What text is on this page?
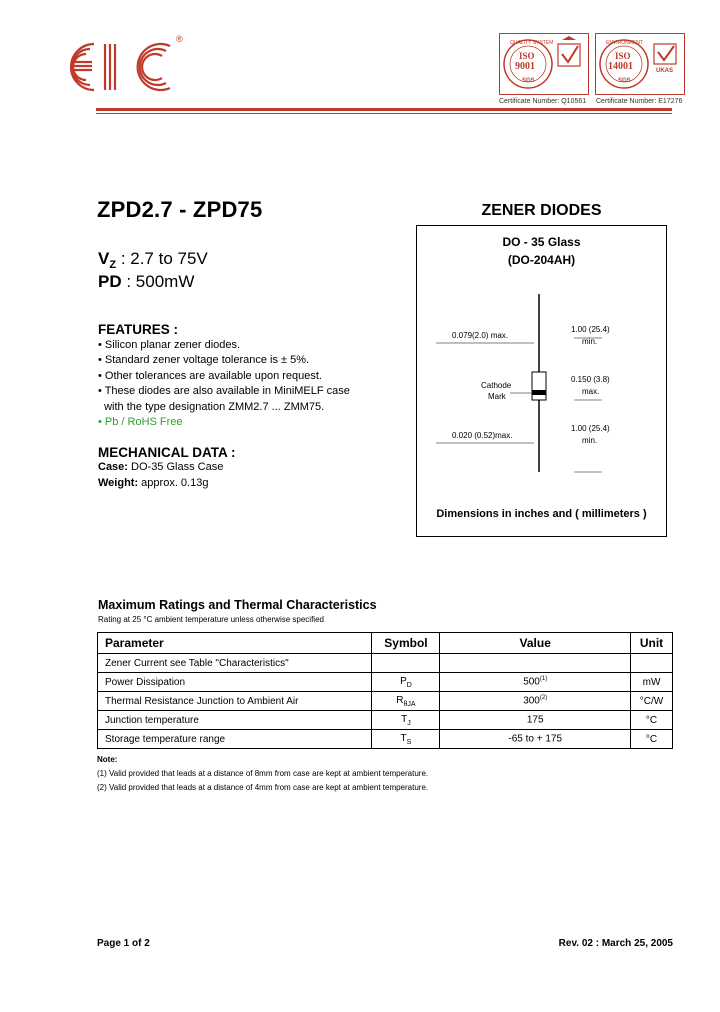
®	QUALITY SYSTEM
ISO
9001
SGS
ENVIRONMENT
ISO
14001
SGS
UKAS
Certificate Number: Q10561 Certificate Number: E17276
ZPD2.7 - ZPD75
$V_Z$ : 2.7 to 75V
PD : 500mW
FEATURES :
• Silicon planar zener diodes.
• Standard zener voltage tolerance is ± 5%.
• Other tolerances are available upon request.
• These diodes are also available in MiniMELF case
with the type designation ZMM2.7 ... ZMM75.
• Pb / RoHS Free
MECHANICAL DATA :
Case: DO-35 Glass Case
Weight: approx. 0.13g
ZENER DIODES
DO - 35 Glass
(DO-204AH)
0.079(2.0) max.
1.00 (25.4)
min.
Cathode
Mark
0.150 (3.8)
max.
0.020 (0.52)max.
1.00 (25.4)
min.
Dimensions in inches and ( millimeters )
Maximum Ratings and Thermal Characteristics
Rating at 25 °C ambient temperature unless otherwise specified
Parameter	Symbol	Value	Unit
Zener Current see Table "Characteristics"			
Power Dissipation	$P_D$	500$^{(1)}$	mW
Thermal Resistance Junction to Ambient Air	$R_{\theta JA}$	300$^{(2)}$	°C/W
Junction temperature	$T_J$	175	°C
Storage temperature range	$T_S$	-65 to + 175	°C
Note:
(1) Valid provided that leads at a distance of 8mm from case are kept at ambient temperature.
(2) Valid provided that leads at a distance of 4mm from case are kept at ambient temperature.
Page 1 of 2	Rev. 02 : March 25, 2005
